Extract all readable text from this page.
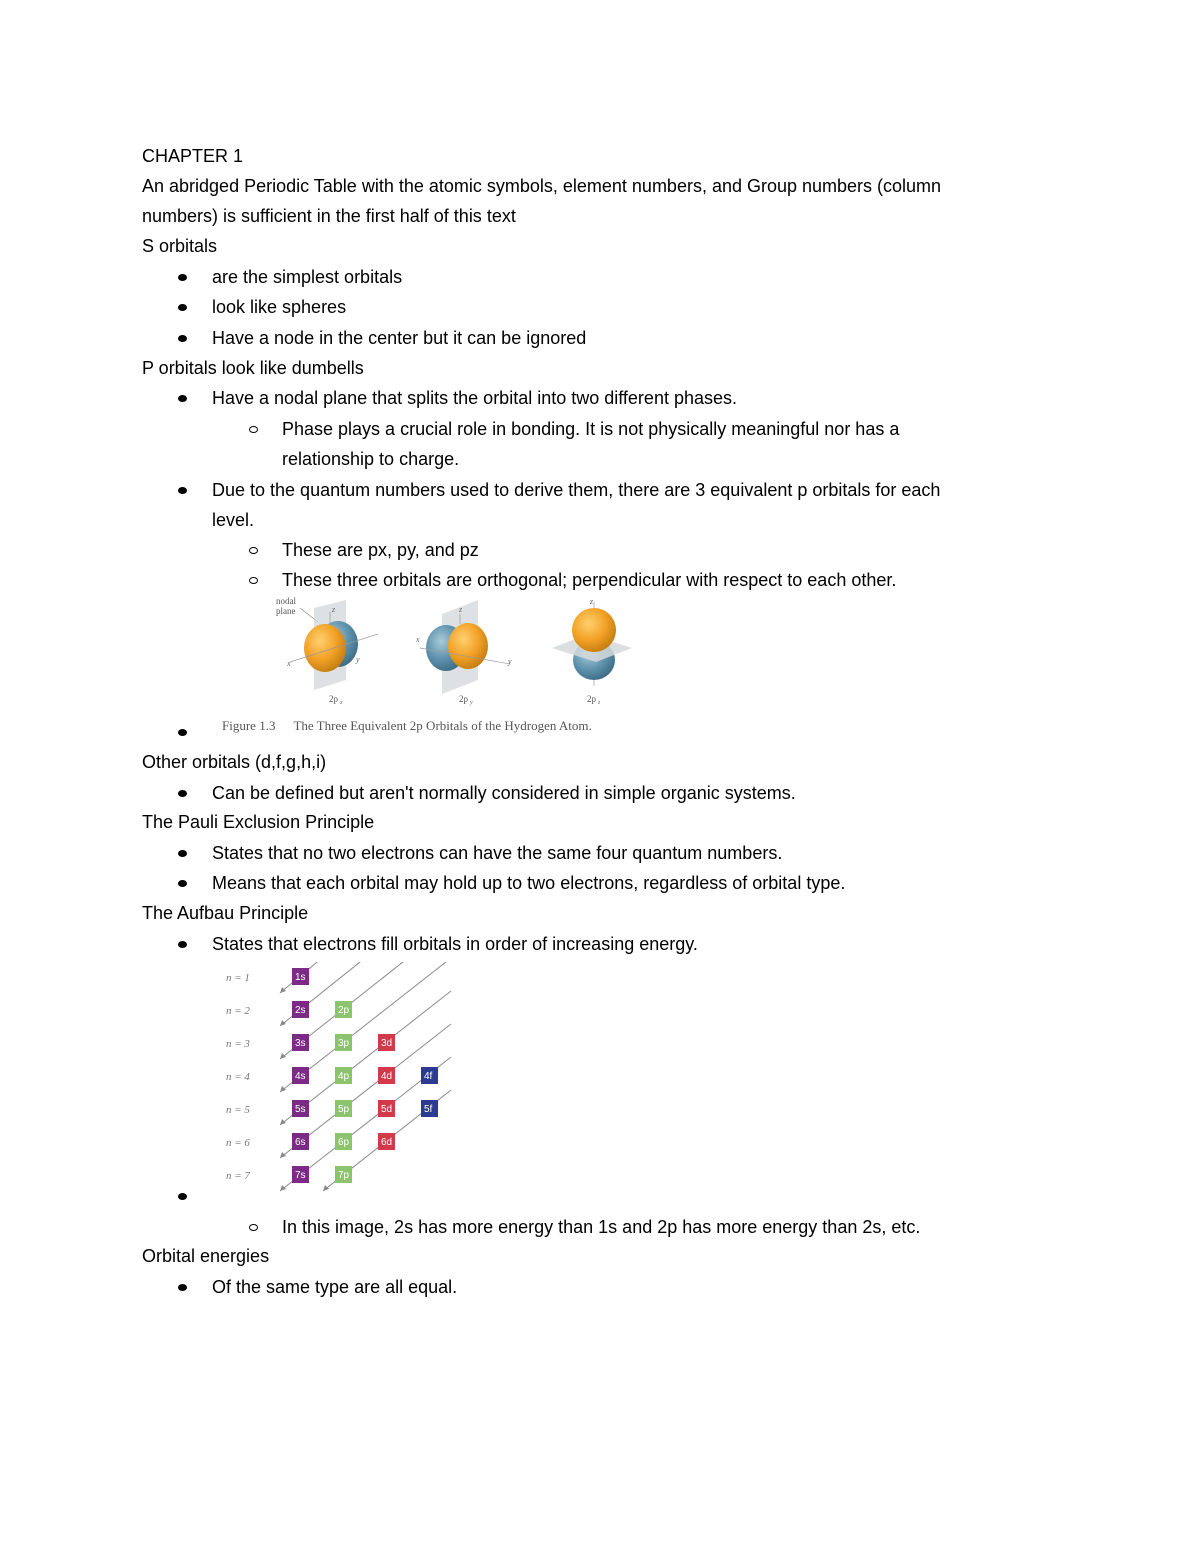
CHAPTER 1
An abridged Periodic Table with the atomic symbols, element numbers, and Group numbers (column
numbers) is sufficient in the first half of this text
S orbitals
are the simplest orbitals
look like spheres
Have a node in the center but it can be ignored
P orbitals look like dumbells
Have a nodal plane that splits the orbital into two different phases.
Phase plays a crucial role in bonding. It is not physically meaningful nor has a
relationship to charge.
Due to the quantum numbers used to derive them, there are 3 equivalent p orbitals for each
level.
These are px, py, and pz
These three orbitals are orthogonal; perpendicular with respect to each other.
nodal
plane	z
x	y
2p x
z
x
y
2p y
z
2p z
Figure 1.3 The Three Equivalent 2p Orbitals of the Hydrogen Atom.
Other orbitals (d,f,g,h,i)
Can be defined but aren't normally considered in simple organic systems.
The Pauli Exclusion Principle
States that no two electrons can have the same four quantum numbers.
Means that each orbital may hold up to two electrons, regardless of orbital type.
The Aufbau Principle
States that electrons fill orbitals in order of increasing energy.
n = 1	1s
n = 2	2s	2p
n = 3	3s	3p	3d
n = 4	4s	4p	4d	4f
n = 5	5s	5p	5d	5f
n = 6	6s	6p	6d
n = 7	7s	7p
In this image, 2s has more energy than 1s and 2p has more energy than 2s, etc.
Orbital energies
Of the same type are all equal.
